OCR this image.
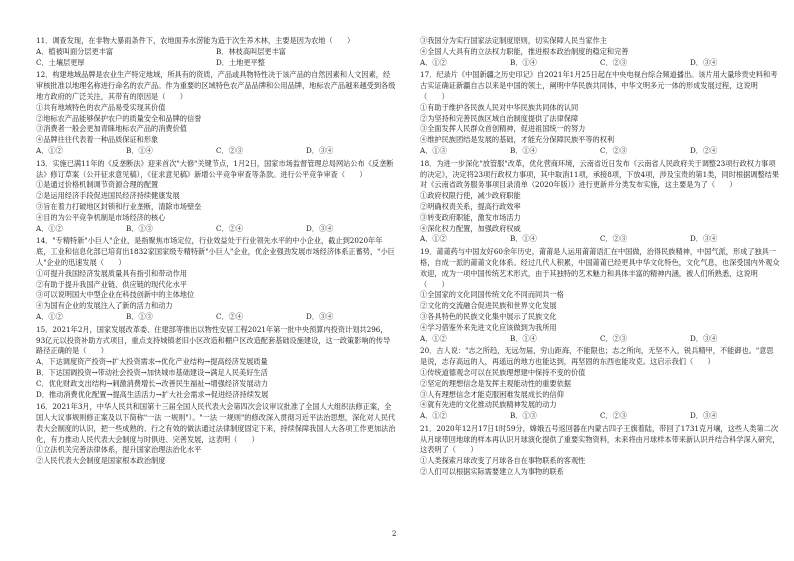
11．调查发现，在非物大暴雨条件下，农地面养水涝能为造于次生养木林，主要是因为农地（　　）
A．植被叫面分层更丰富	B．林枝高叫层更丰富
C．土壤层更厚	D．土地更平整
12．构建地域品牌是农业生产特定地域，所具有的资质，产品或具物特性决于该产品的自然因素和人文因素，经审核批准以地理名称进行命名的农产品。作为重要的区域特色农产品品牌和公用品牌，地标农产品越来越受到各级地方政府的广泛关注，其带有的原因是（　　）
①共有地域特色的农产品易受实现其价值
②地标农产品能够保护农户的质量安全和品牌的信誉
③消费者一般会更加青睐地标农产品的消费价值
④品牌往往代表着一种品质保证和形象
A．①②	B．①④	C．②③	D．③④
13．实施已满11年的《反垄断法》迎来首次"大修"关键节点，1月2日，国家市场监督管理总局网站公布《反垄断法》修订草案（公开征求意见稿），《征求意见稿》新增公平竞争审查等条款。进行公平竞争审查（　　）
①是通过价格机制调节资源合理的配置
②是运用经济手段促进国民经济持续健康发展
③旨在着力打破地区封锁和行业垄断，清除市场壁垒
④目的为公平竞争机制是市场经济的核心
A．①②	B．①③	C．②④	D．③④
14．"专精特新"小巨人"企业，是指聚焦市场定位，行业效益处于行业领先水平的中小企业，截止到2020年年底，工业和信息化部已培育出1832家国家级专精特新"小巨人"企业，优企业强劲发展市场经济体系正蓄势，"小巨人"企业的迅速发展（　　）
①可提升我国经济发展质量具有指引和带动作用
②有助于提升我国产业链、供应链的现代化水平
③可以说明国大中型企业在科技创新中的主体地位
④为国有企业的发展注入了新的活力和动力
A．①②	B．①③	C．②④	D．③④
15．2021年2月，国家发展改革委、住建部等推出以物性安居工程2021年第一批中央预算内投资计划共296，93亿元以投资补助方式项目，重点支持城镇老旧小区改造和棚户区改造配套基础设施建设，这一政策影响的传导路径正确的是（　　）
A．下达调度资产投资→扩大投资需求→优化产业结构→提高经济发展质量
B．下达国调投资→带动社会投资→加快城市基础建设→满足人民美好生活
C．优化财政支出结构→刺激消费增长→改善民生福祉→增强经济发展动力
D．推动消费优化配置→提高生活活力→扩大社会需求→促进经济持续发展
16．2021年3月，中华人民共和国第十三届全国人民代表大会第四次会议审议批准了全国人大组织法修正案，全国人大议事规则修正案及以下简称"一法 一规则"）。"一法 一规则"的修改深入贯彻习近平法治思想，深化对人民代表大会制度的认识，把一些成熟的、行之有效的做法通过法律制度固定下来，持续保障我国人大各项工作更加法治化，有力推动人民代表大会制度与时俱进、完善发展，这表明（　　）
①立法机关完善法律体系，提升国家治理法治化水平
②人民代表大会制度是国家根本政治制度
③我国分为实行国家法定制度原则，切实保障人民当家作主
④全国人大具有的立法权力职能，推进根本政治制度的稳定和完善
A．①②	B．①④	C．②③	D．③④
17．纪录片《中国新疆之历史印记》自2021年1月25日起在中央电视台综合频道播出。该片用大量珍贵史料和考古实证确证新疆自古以来是中国的领土，阐明中华民族共同体，中华文明多元一体的形成发展过程，这说明（　　）
①有助于维护各民族人民对中华民族共同体的认同
②为坚持和完善民族区域自治制度提供了法律保障
③全面发挥人民群众首创精神，促进祖国统一的努力
④维护民族团结是发展的基础，才能充分保障民族平等的权利
A．①③	B．①④	C．②③	D．②④
18．为进一步深化"放管服"改革，优化营商环境，云南省近日发布《云南省人民政府关于调整23项行政权力事项的决定》，决定将23项行政权力事项，其中取消11项，承接8项，下放4项，涉及宝贵的第1类，同时根据调整结果对《云南省政务服务事项目录清单（2020年版）》进行更新并分类发布实施，这主要是为了（　　）
①政府权限行使，减少政府职能
②明确权责关系，提高行政效率
③转变政府职能，激发市场活力
④深化权力配置，加强政府权威
A．①②	B．①④	C．②③	D．③④
19．莆莆药与中国友好60余年历史，莆莆是人运用莆莆语汇在中国做，治得民族精神，中国气派，形成了独具一格，自成一派的莆莆文化体系。经过几代人积累，中国莆莆已经更具中华文化特色，文化气息，也深受国内外观众欢迎，成为一项中国传统艺术形式，由于其独特的艺术魅力和具体丰富的精神内涵，被人们所熟悉，这说明（　　）
①全国家的文化同国传统文化不同而同共一格
②文化的交流融合促进民族和世界文化发展
③各具特色的民族文化集中展示了民族文化
④学习借鉴外来先进文化应该做到为我所用
A．①②	B．①④	C．②③	D．③④
20．古人说："志之所趋，无远勿届，穷山距海，不能限也；志之所向，无坚不入，锐兵精甲，不能御也。"意思是说，志存高远的人，再遥远的地方也能达到，再坚固的东西也能攻克。这启示我们（　　）
①传统道德观念可以在民族理想建中保持不变的价值
②坚定的理想信念是发挥主观能动性的重要依据
③人有理想信念才能克服困难发展成长的信仰
④就有先进的文化推动民族精神发展的动力
A．①②	B．①③	C．②③	D．③④
21．2020年12月17日1时59分，嫦娥五号返回器在内蒙古四子王旗着陆，带回了1731克月壤，这些人类第二次从月球带回地球的样本再认识月球演化提供了重要实物资料，未来将由月球样本带来新认识并结合科学深入研究，这表明了（　　）
①人类探索月球改变了月球各自在事物联系的客观性
②人们可以根据实际需要建立人为事物的联系
2
